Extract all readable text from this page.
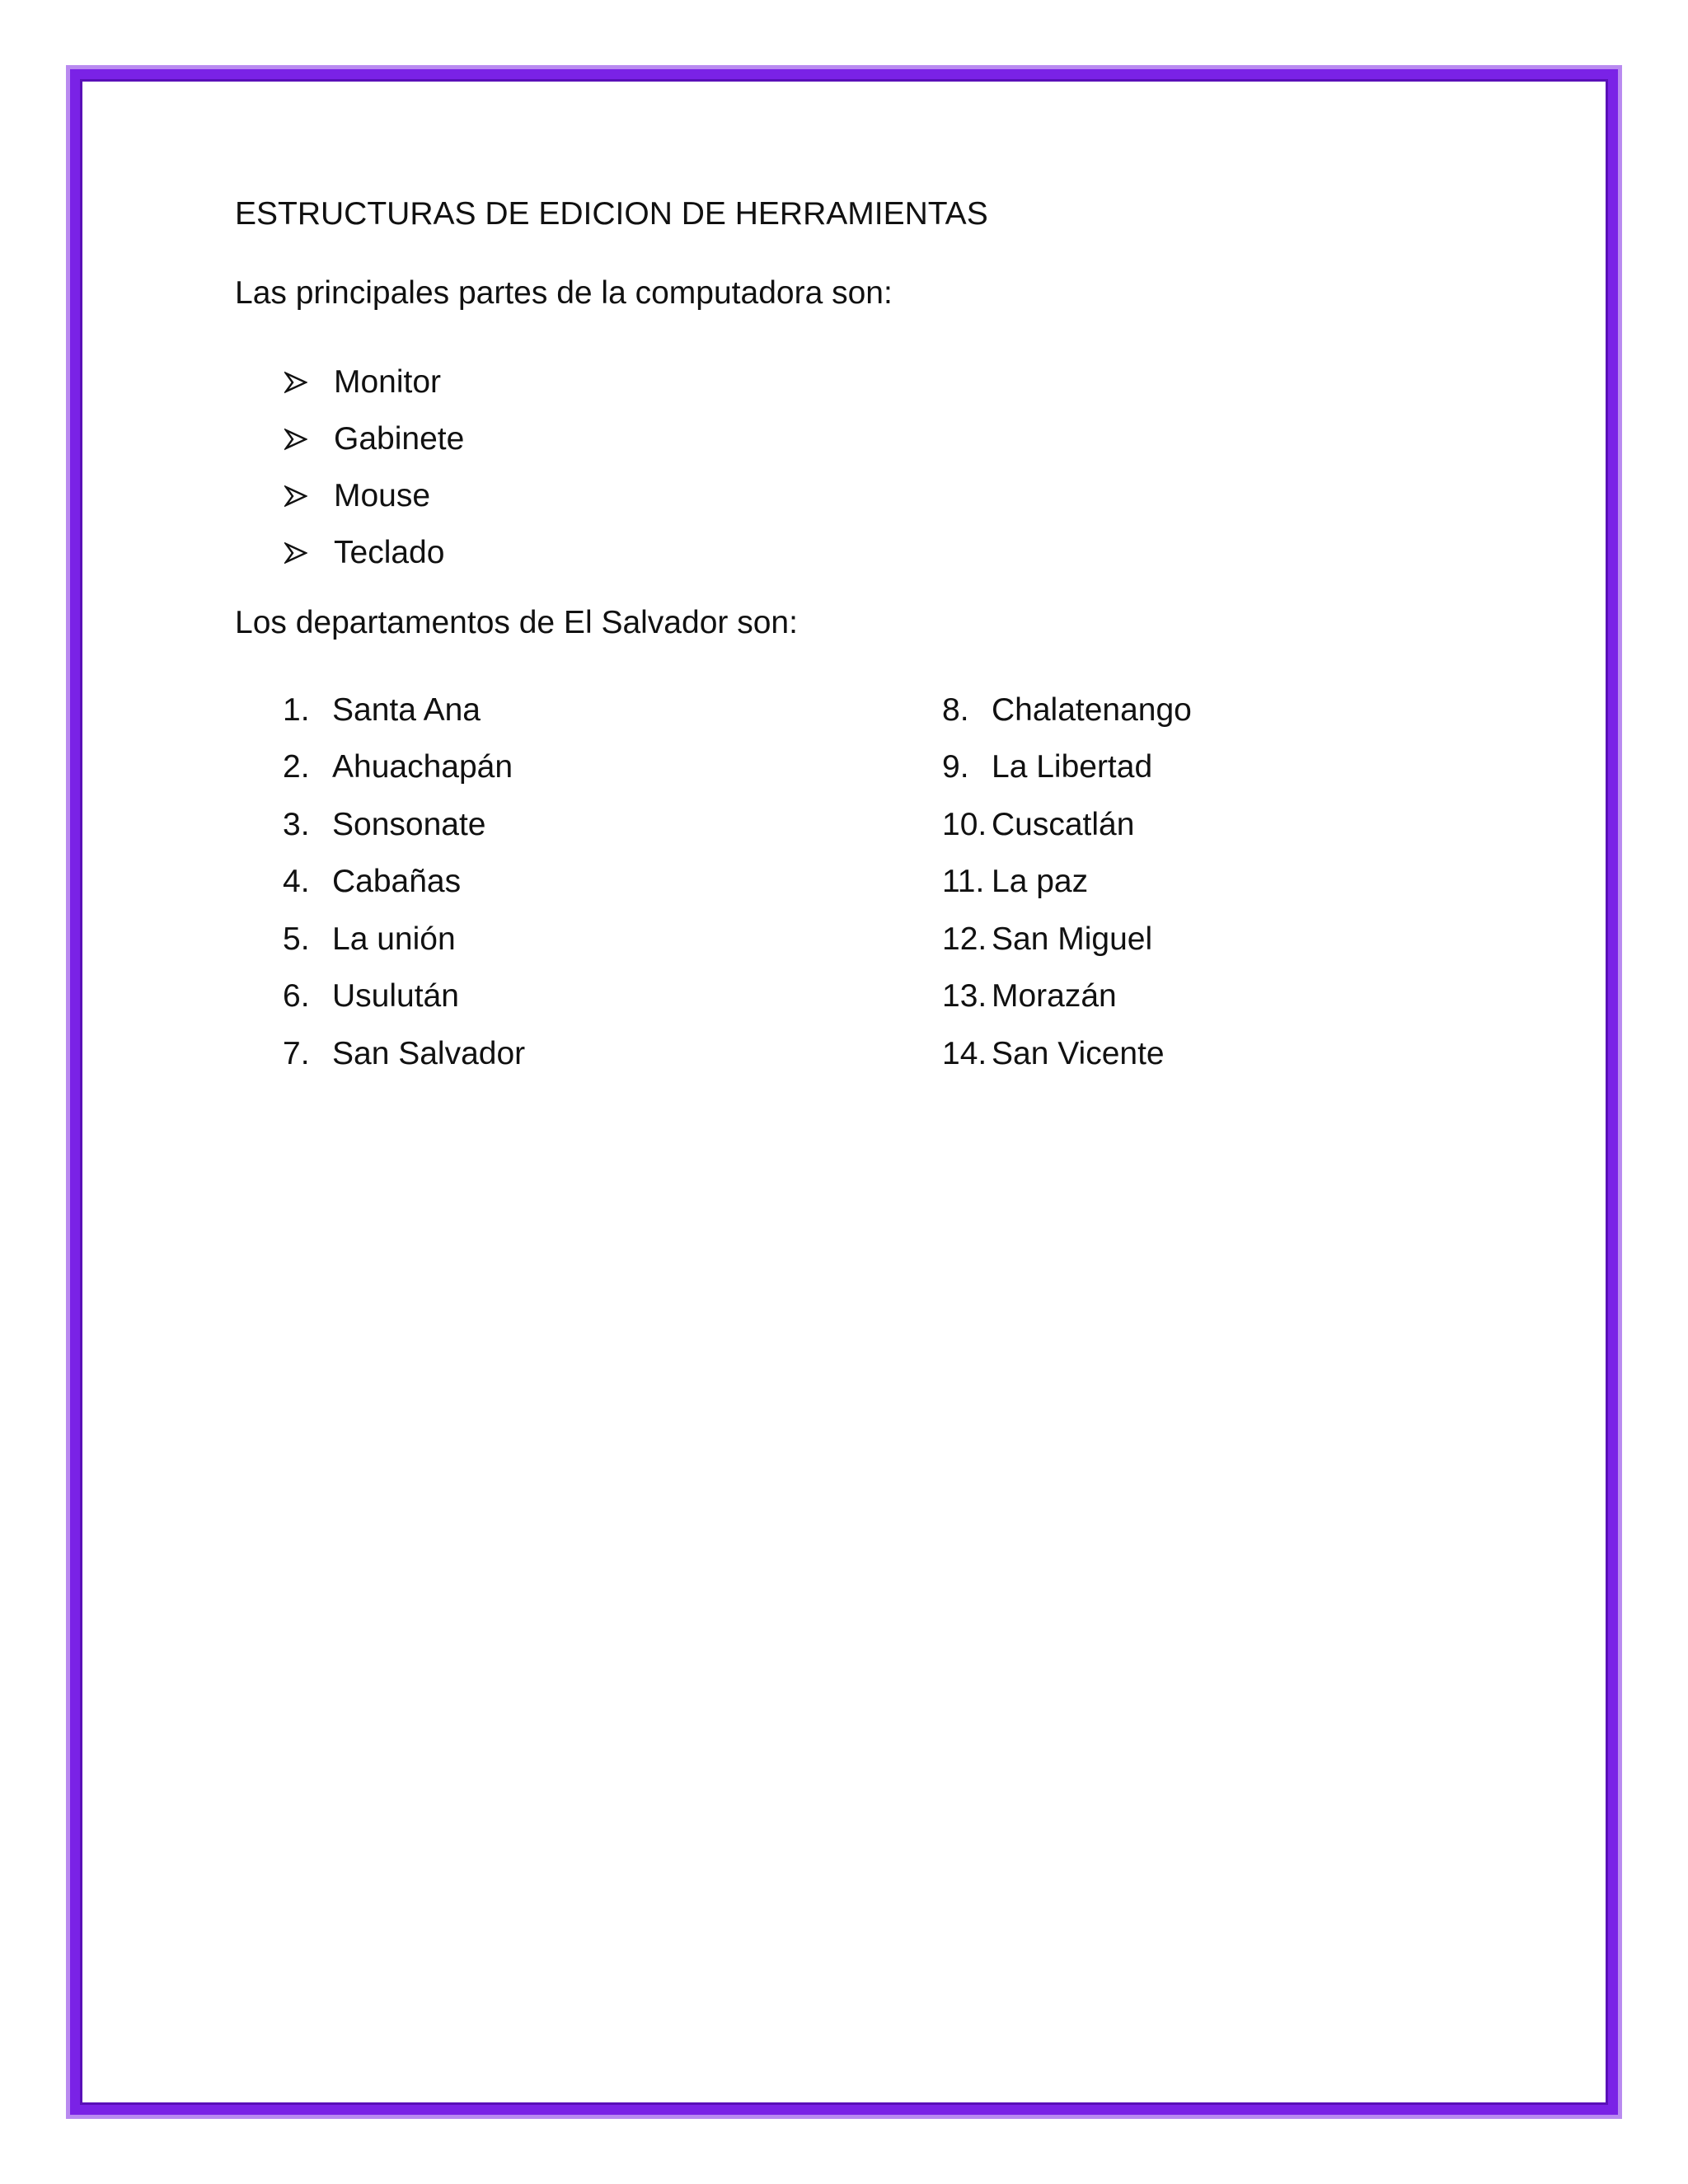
ESTRUCTURAS DE EDICION DE HERRAMIENTAS
Las principales partes de la computadora son:
Monitor
Gabinete
Mouse
Teclado
Los departamentos de El Salvador son:
1. Santa Ana
2. Ahuachapán
3. Sonsonate
4. Cabañas
5. La unión
6. Usulután
7. San Salvador
8. Chalatenango
9. La Libertad
10. Cuscatlán
11. La paz
12. San Miguel
13. Morazán
14. San Vicente
